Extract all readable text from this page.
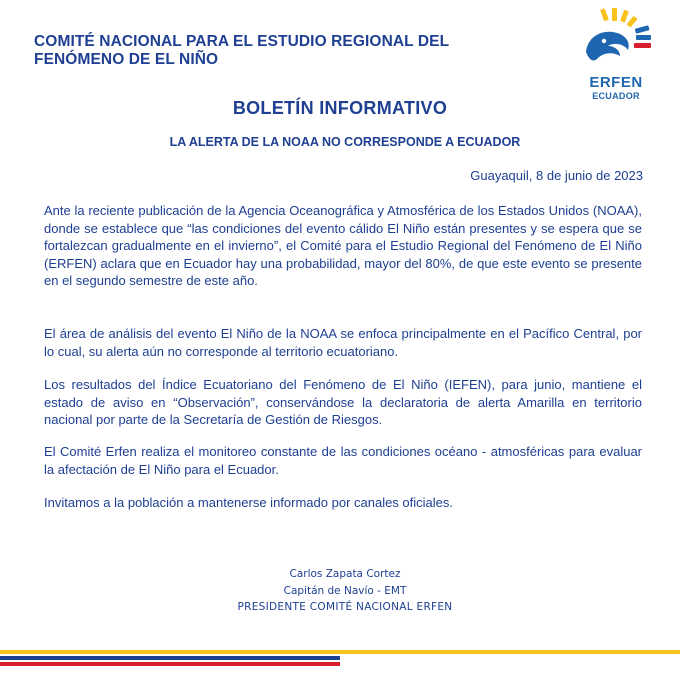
COMITÉ NACIONAL PARA EL ESTUDIO REGIONAL DEL
FENÓMENO DE EL NIÑO
ERFEN
ECUADOR
BOLETÍN INFORMATIVO
LA ALERTA DE LA NOAA NO CORRESPONDE A ECUADOR
Guayaquil, 8 de junio de 2023

Ante la reciente publicación de la Agencia Oceanográfica y Atmosférica de los Estados Unidos (NOAA), donde se establece que “las condiciones del evento cálido El Niño están presentes y se espera que se fortalezcan gradualmente en el invierno”, el Comité para el Estudio Regional del Fenómeno de El Niño (ERFEN) aclara que en Ecuador hay una probabilidad, mayor del 80%, de que este evento se presente en el segundo semestre de este año.

El área de análisis del evento El Niño de la NOAA se enfoca principalmente en el Pacífico Central, por lo cual, su alerta aún no corresponde al territorio ecuatoriano.

Los resultados del Índice Ecuatoriano del Fenómeno de El Niño (IEFEN), para junio, mantiene el estado de aviso en “Observación”, conservándose la declaratoria de alerta Amarilla en territorio nacional por parte de la Secretaría de Gestión de Riesgos.

El Comité Erfen realiza el monitoreo constante de las condiciones océano - atmosféricas para evaluar la afectación de El Niño para el Ecuador.

Invitamos a la población a mantenerse informado por canales oficiales.

Carlos Zapata Cortez
Capitán de Navío - EMT
PRESIDENTE COMITÉ NACIONAL ERFEN
